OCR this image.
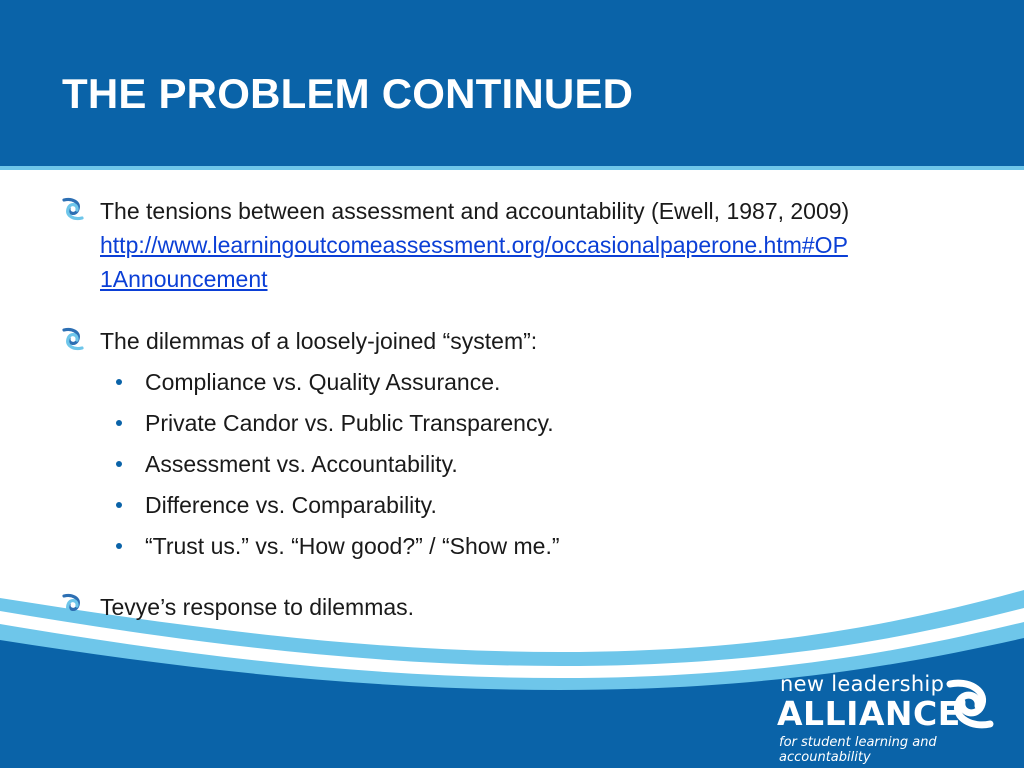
THE PROBLEM CONTINUED
The tensions between assessment and accountability (Ewell, 1987, 2009)
http://www.learningoutcomeassessment.org/occasionalpaperone.htm#OP
1Announcement
The dilemmas of a loosely-joined “system”:
Compliance vs. Quality Assurance.
Private Candor vs. Public Transparency.
Assessment vs. Accountability.
Difference vs. Comparability.
“Trust us.” vs. “How good?” / “Show me.”
Tevye’s response to dilemmas.
new leadership
ALLIANCE
for student learning and accountability
